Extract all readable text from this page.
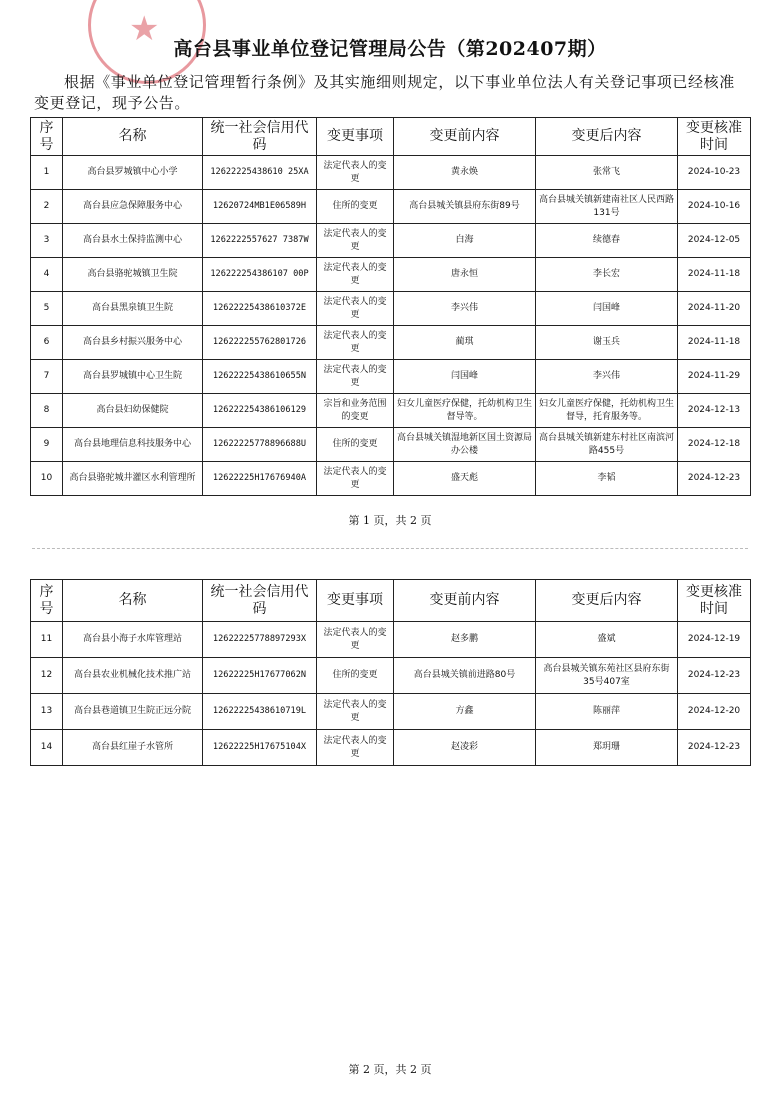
★ 高台县事业单位登记管理局公告（第202407期）
根据《事业单位登记管理暂行条例》及其实施细则规定，以下事业单位法人有关登记事项已经核准变更登记，现予公告。
序号	名称	统一社会信用代码	变更事项	变更前内容	变更后内容	变更核准时间
1	高台县罗城镇中心小学	12622225438610 25XA	法定代表人的变更	黄永焕	张常飞	2024-10-23
2	高台县应急保障服务中心	12620724MB1E06589H	住所的变更	高台县城关镇县府东街89号	高台县城关镇新建南社区人民西路131号	2024-10-16
3	高台县水土保持监测中心	1262222557627 7387W	法定代表人的变更	白海	续德春	2024-12-05
4	高台县骆驼城镇卫生院	126222254386107 00P	法定代表人的变更	唐永恒	李长宏	2024-11-18
5	高台县黑泉镇卫生院	12622225438610372E	法定代表人的变更	李兴伟	闫国峰	2024-11-20
6	高台县乡村振兴服务中心	126222255762801726	法定代表人的变更	蔺琪	谢玉兵	2024-11-18
7	高台县罗城镇中心卫生院	12622225438610655N	法定代表人的变更	闫国峰	李兴伟	2024-11-29
8	高台县妇幼保健院	126222254386106129	宗旨和业务范围的变更	妇女儿童医疗保健，托幼机构卫生督导等。	妇女儿童医疗保健，托幼机构卫生督导，托育服务等。	2024-12-13
9	高台县地理信息科技服务中心	12622225778896688U	住所的变更	高台县城关镇湿地新区国土资源局办公楼	高台县城关镇新建东村社区南滨河路455号	2024-12-18
10	高台县骆驼城井灌区水利管理所	12622225H17676940A	法定代表人的变更	盛天彪	李韬	2024-12-23
第 1 页，共 2 页
序号	名称	统一社会信用代码	变更事项	变更前内容	变更后内容	变更核准时间
11	高台县小海子水库管理站	12622225778897293X	法定代表人的变更	赵多鹏	盛斌	2024-12-19
12	高台县农业机械化技术推广站	12622225H17677062N	住所的变更	高台县城关镇前进路80号	高台县城关镇东苑社区县府东街35号407室	2024-12-23
13	高台县巷道镇卫生院正远分院	12622225438610719L	法定代表人的变更	方鑫	陈丽萍	2024-12-20
14	高台县红崖子水管所	12622225H17675104X	法定代表人的变更	赵凌彩	郑玥珊	2024-12-23
第 2 页，共 2 页
